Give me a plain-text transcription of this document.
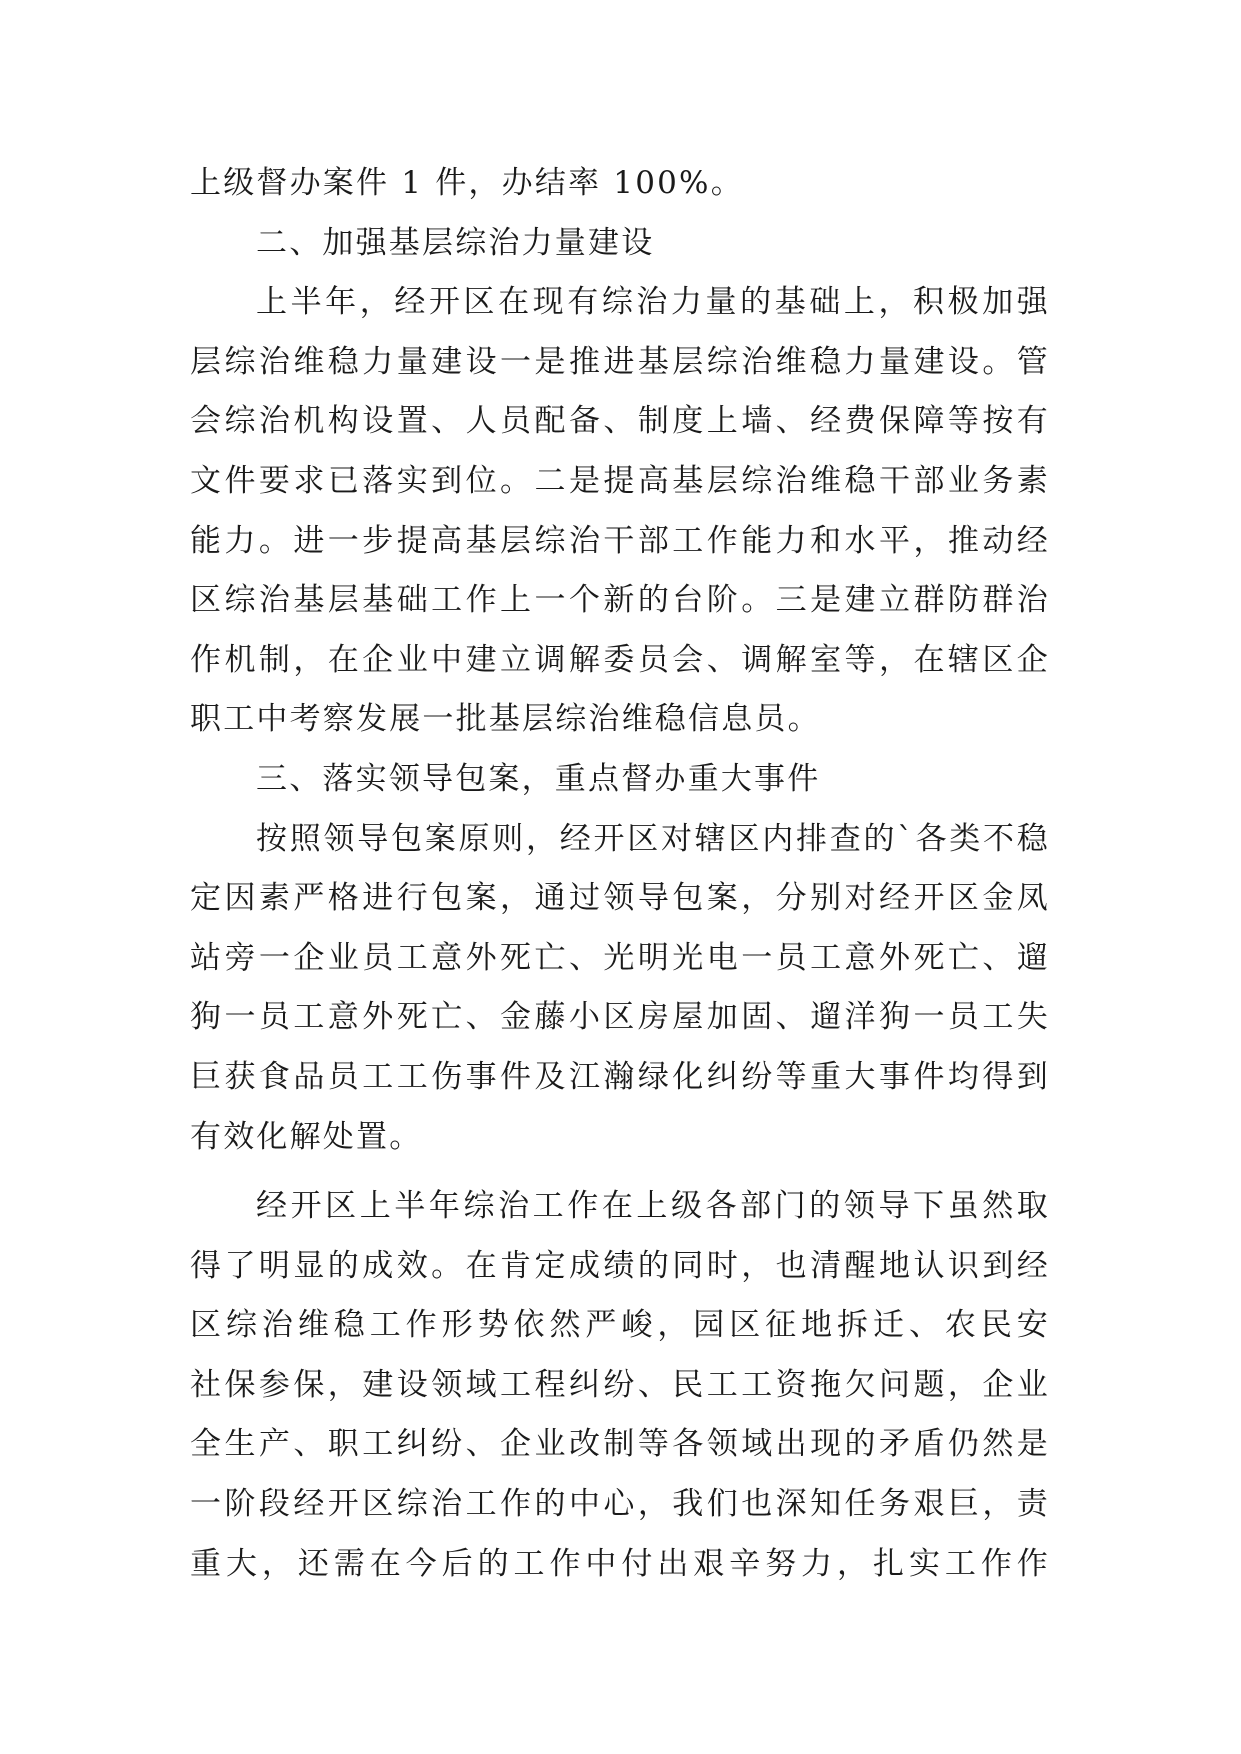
上级督办案件 1 件，办结率 100%。
二、加强基层综治力量建设
上半年，经开区在现有综治力量的基础上，积极加强
层综治维稳力量建设一是推进基层综治维稳力量建设。管
会综治机构设置、人员配备、制度上墙、经费保障等按有
文件要求已落实到位。二是提高基层综治维稳干部业务素
能力。进一步提高基层综治干部工作能力和水平，推动经
区综治基层基础工作上一个新的台阶。三是建立群防群治
作机制，在企业中建立调解委员会、调解室等，在辖区企
职工中考察发展一批基层综治维稳信息员。
三、落实领导包案，重点督办重大事件
按照领导包案原则，经开区对辖区内排查的`各类不稳
定因素严格进行包案，通过领导包案，分别对经开区金凤
站旁一企业员工意外死亡、光明光电一员工意外死亡、遛
狗一员工意外死亡、金藤小区房屋加固、遛洋狗一员工失
巨获食品员工工伤事件及江瀚绿化纠纷等重大事件均得到
有效化解处置。
经开区上半年综治工作在上级各部门的领导下虽然取
得了明显的成效。在肯定成绩的同时，也清醒地认识到经
区综治维稳工作形势依然严峻，园区征地拆迁、农民安
社保参保，建设领域工程纠纷、民工工资拖欠问题，企业
全生产、职工纠纷、企业改制等各领域出现的矛盾仍然是
一阶段经开区综治工作的中心，我们也深知任务艰巨，责
重大，还需在今后的工作中付出艰辛努力，扎实工作作
